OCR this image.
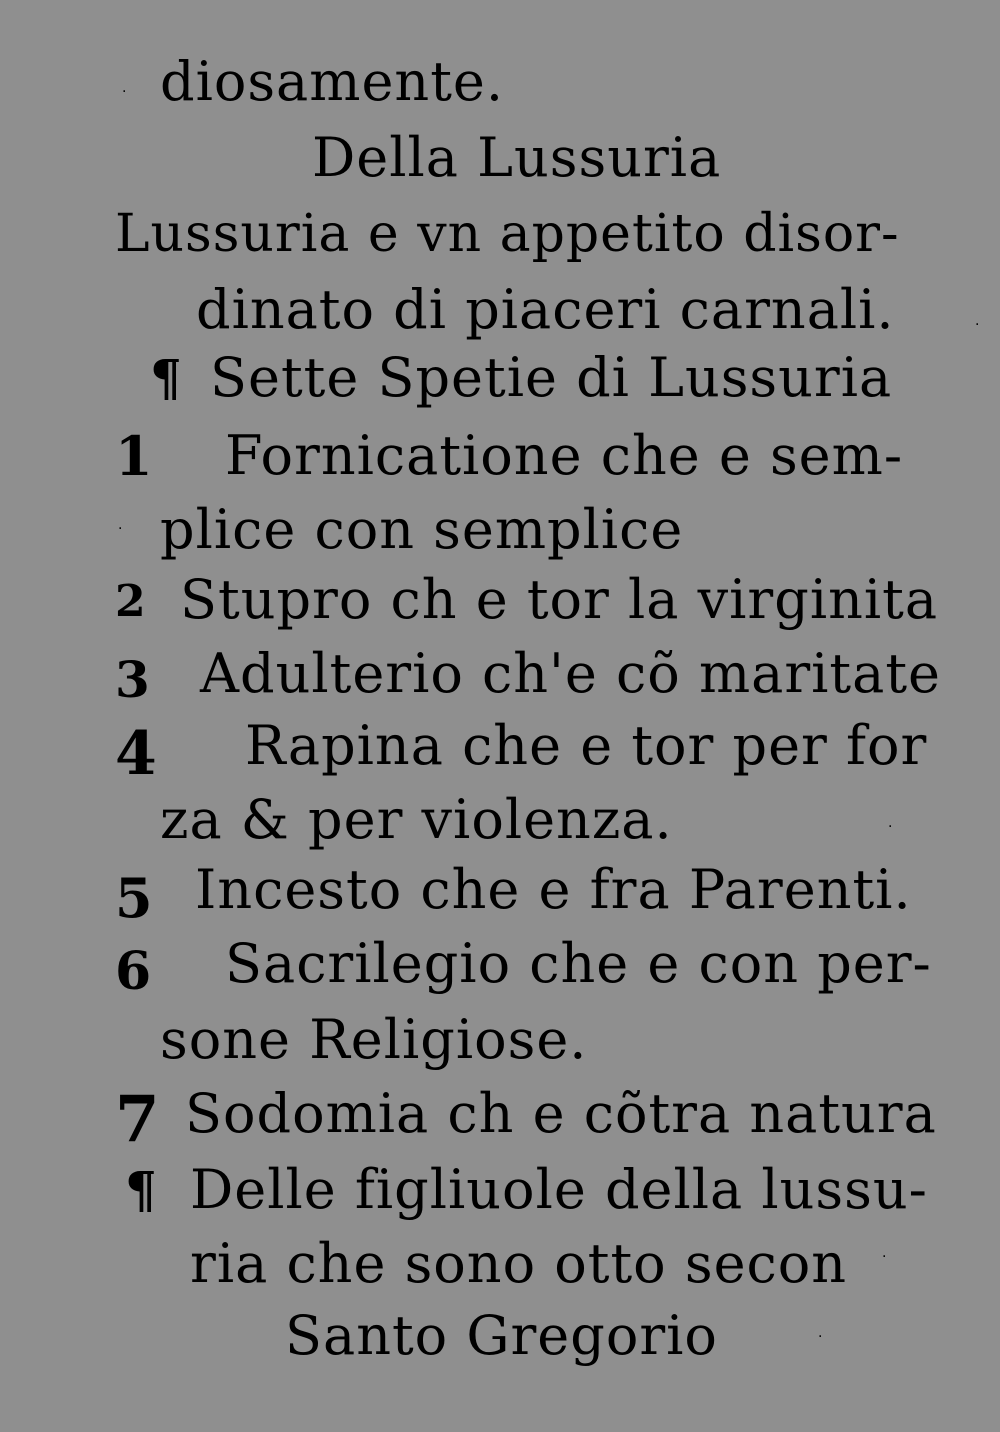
diosamente.
Della Lussuria
Lussuria e vn appetito disor-
dinato di piaceri carnali.
¶ Sette Spetie di Lussuria
1 Fornicatione che e sem-
plice con semplice
2 Stupro ch e tor la virginita
3 Adulterio ch'e cõ maritate
4 Rapina che e tor per for
za & per violenza.
5 Incesto che e fra Parenti.
6 Sacrilegio che e con per-
sone Religiose.
7 Sodomia ch e cõtra natura
¶ Delle figliuole della lussu-
ria che sono otto secon
Santo Gregorio
·
·
·
·
·
·
